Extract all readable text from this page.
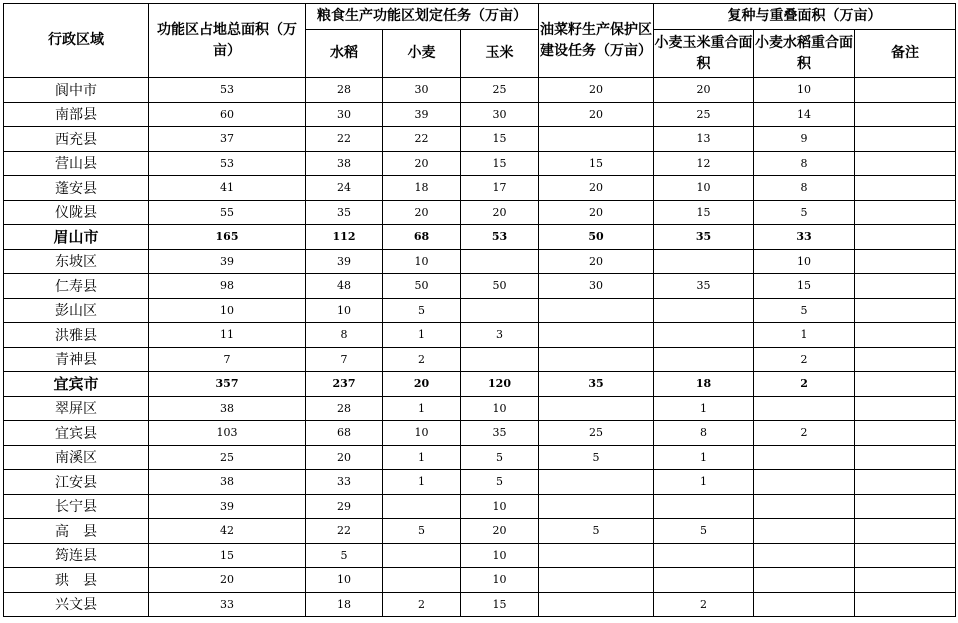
行政区域	功能区占地总面积（万亩）	粮食生产功能区划定任务（万亩）			油菜籽生产保护区建设任务（万亩）	复种与重叠面积（万亩）		
		水稻	小麦	玉米		小麦玉米重合面积	小麦水稻重合面积	备注

阆中市	53	28	30	25	20	20	10	
南部县	60	30	39	30	20	25	14	
西充县	37	22	22	15		13	9	
营山县	53	38	20	15	15	12	8	
蓬安县	41	24	18	17	20	10	8	
仪陇县	55	35	20	20	20	15	5	
眉山市	165	112	68	53	50	35	33	
东坡区	39	39	10		20		10	
仁寿县	98	48	50	50	30	35	15	
彭山区	10	10	5				5	
洪雅县	11	8	1	3			1	
青神县	7	7	2				2	
宜宾市	357	237	20	120	35	18	2	
翠屏区	38	28	1	10		1		
宜宾县	103	68	10	35	25	8	2	
南溪区	25	20	1	5	5	1		
江安县	38	33	1	5		1		
长宁县	39	29		10				
高　县	42	22	5	20	5	5		
筠连县	15	5		10				
珙　县	20	10		10				
兴文县	33	18	2	15		2		
